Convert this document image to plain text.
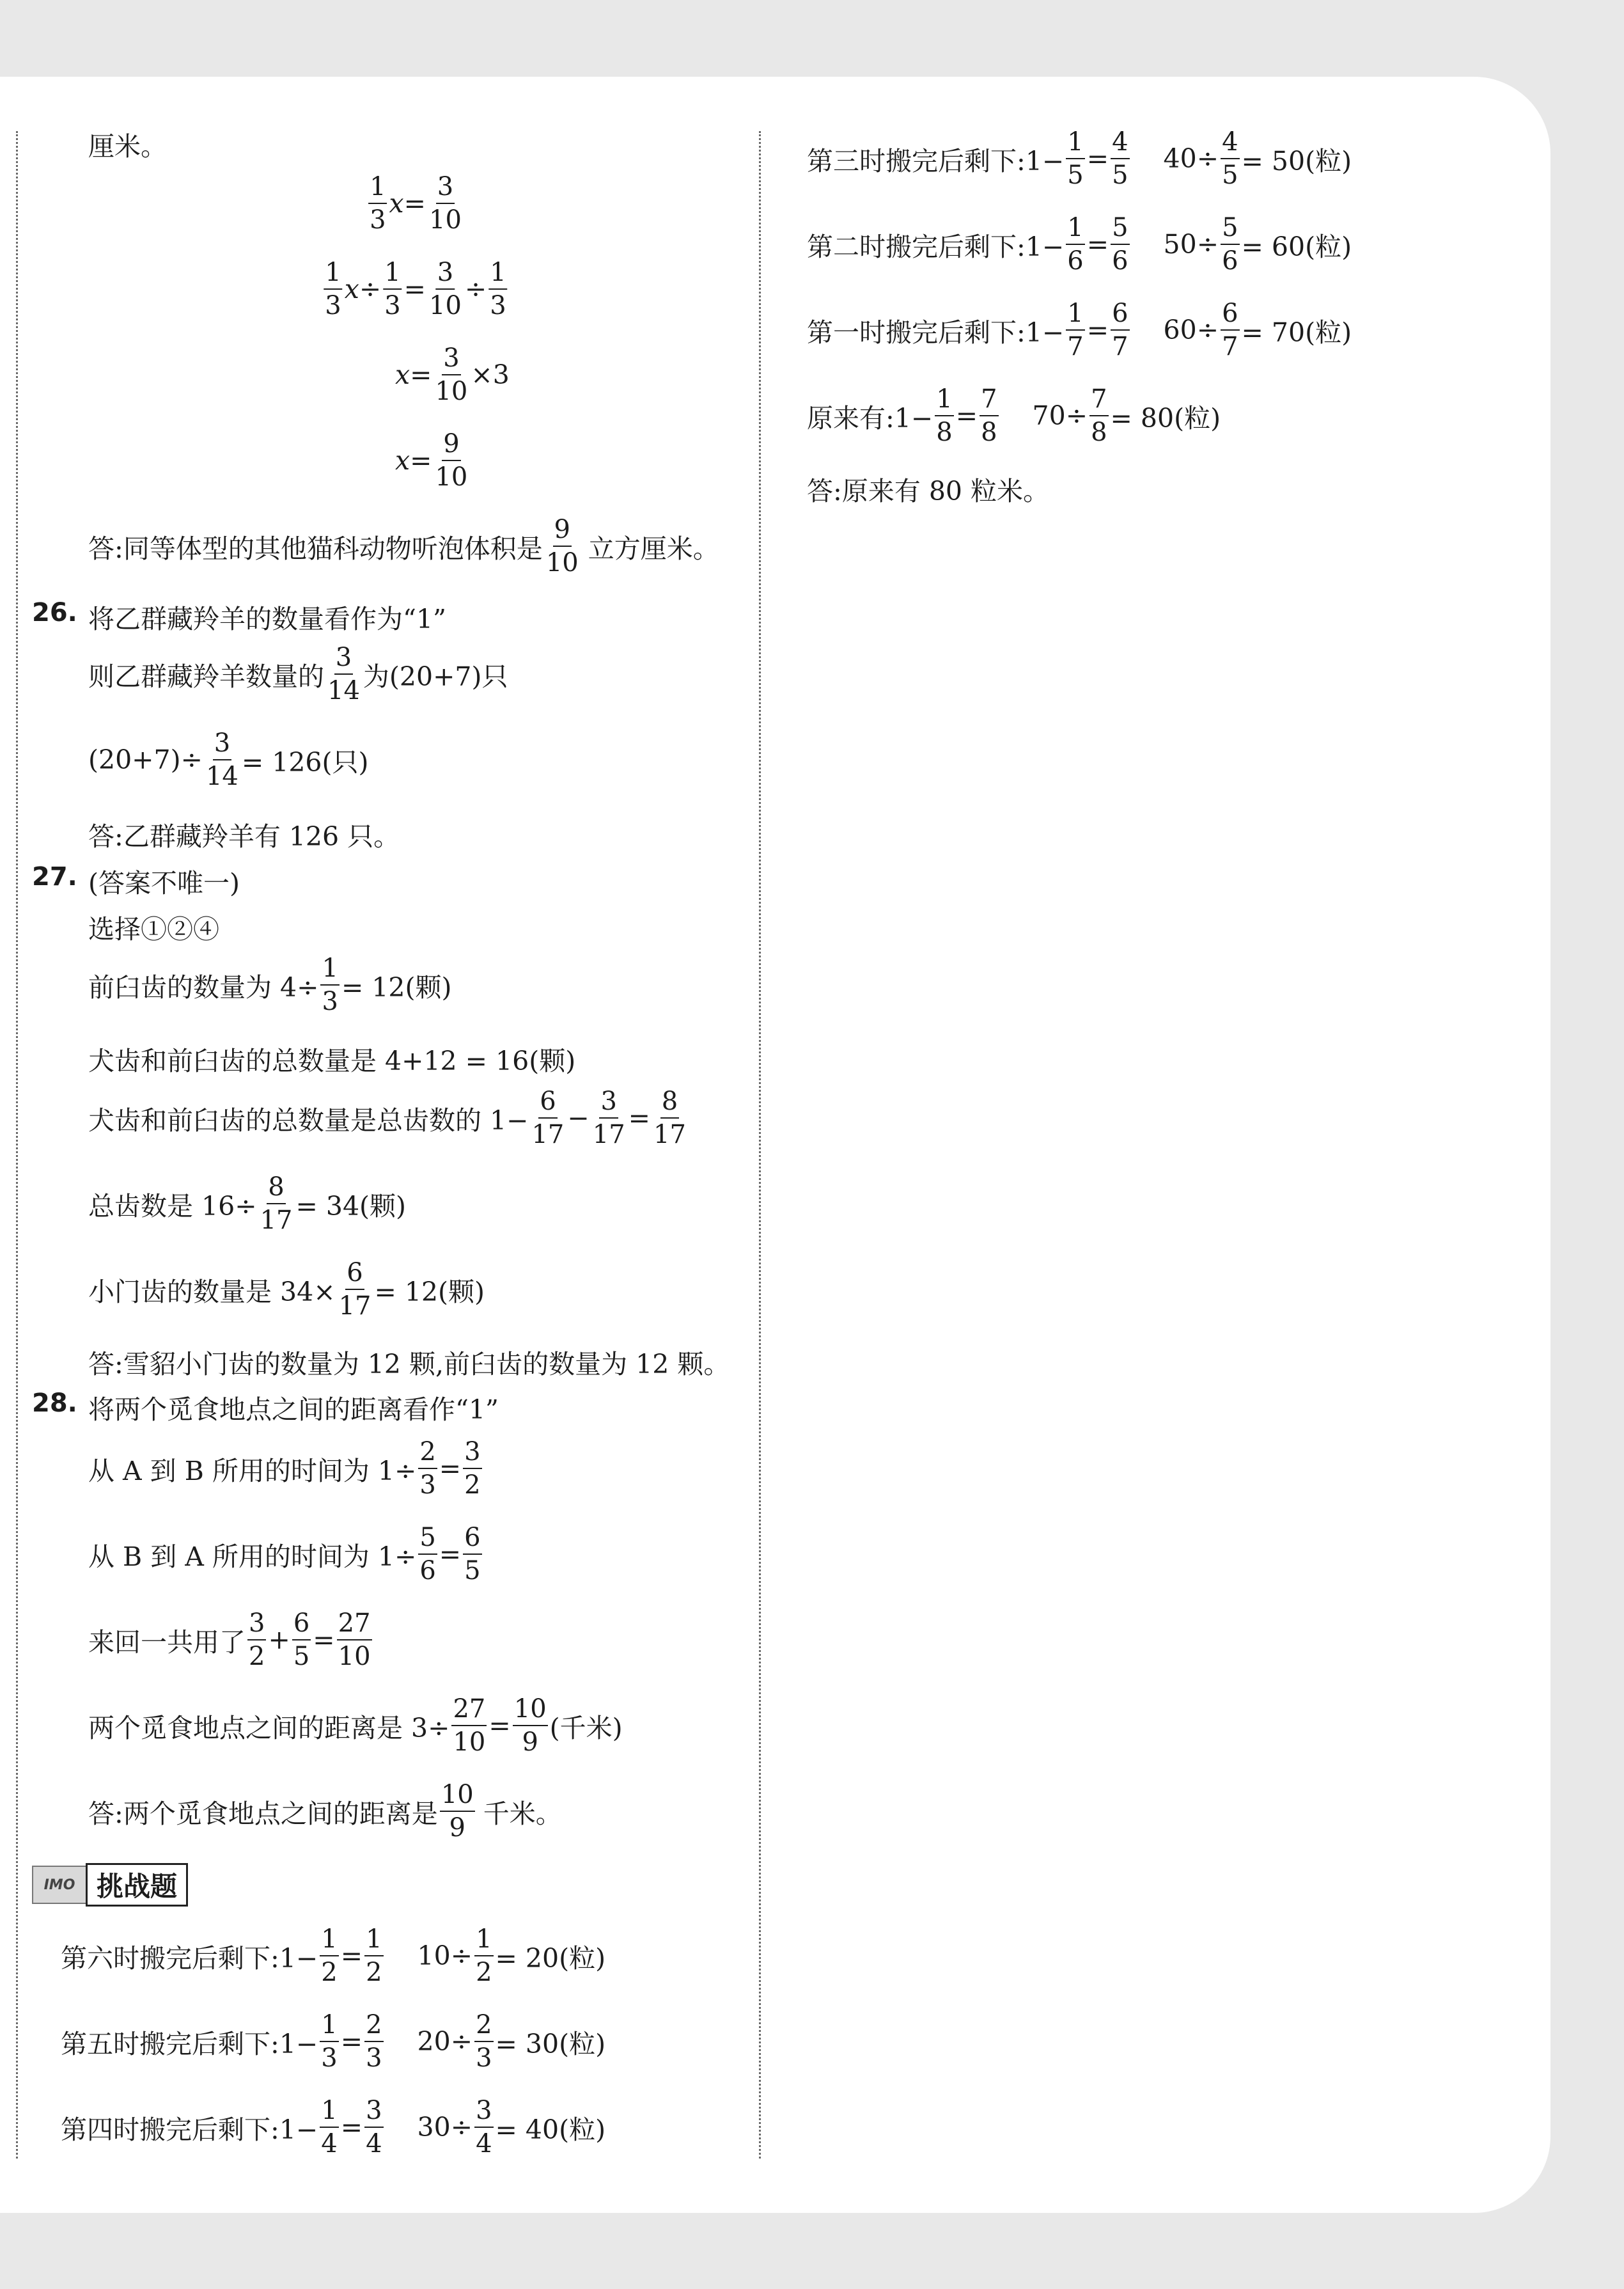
厘米。
1
3
$x = \frac{3}{10}$
1
3
$x \div \frac{1}{3} = \frac{3}{10} \div \frac{1}{3}$
$x = \frac{3}{10} \times 3$
$x = \frac{9}{10}$
答:同等体型的其他猫科动物听泡体积是
9
10 立方厘米。
26. 将乙群藏羚羊的数量看作为“1”
则乙群藏羚羊数量的
3
14 为(20+7)只
$(20+7)\div \frac{3}{14} = 126$(只)
答:乙群藏羚羊有 126 只。
27. (答案不唯一)
选择①②④
前臼齿的数量为 $4\div \frac{1}{3} = 12$(颗)
犬齿和前臼齿的总数量是 4+12 = 16(颗)
犬齿和前臼齿的总数量是总齿数的 $1- \frac{6}{17} - \frac{3}{17} = \frac{8}{17}$
总齿数是 $16\div \frac{8}{17} = 34$(颗)
小门齿的数量是 $34\times \frac{6}{17} = 12$(颗)
答:雪貂小门齿的数量为 12 颗,前臼齿的数量为 12 颗。
28. 将两个觅食地点之间的距离看作“1”
从 A 到 B 所用的时间为 $1\div \frac{2}{3} = \frac{3}{2}$
从 B 到 A 所用的时间为 $1\div \frac{5}{6} = \frac{6}{5}$
来回一共用了
3
2
+ $\frac{6}{5} = \frac{27}{10}$
两个觅食地点之间的距离是 $3\div \frac{27}{10} = \frac{10}{9}$ (千米)
答:两个觅食地点之间的距离是
10
9 千米。
IMO 挑战题
第六时搬完后剩下:1− $\frac{1}{2} = \frac{1}{2} 10\div \frac{1}{2} = 20$(粒)
第五时搬完后剩下:1− $\frac{1}{3} = \frac{2}{3} 20\div \frac{2}{3} = 30$(粒)
第四时搬完后剩下:1− $\frac{1}{4} = \frac{3}{4} 30\div \frac{3}{4} = 40$(粒)
第三时搬完后剩下:1− $\frac{1}{5} = \frac{4}{5} 40\div \frac{4}{5} = 50$(粒)
第二时搬完后剩下:1− $\frac{1}{6} = \frac{5}{6} 50\div \frac{5}{6} = 60$(粒)
第一时搬完后剩下:1− $\frac{1}{7} = \frac{6}{7} 60\div \frac{6}{7} = 70$(粒)
原来有:1− $\frac{1}{8} = \frac{7}{8} 70\div \frac{7}{8} = 80$(粒)
答:原来有 80 粒米。
